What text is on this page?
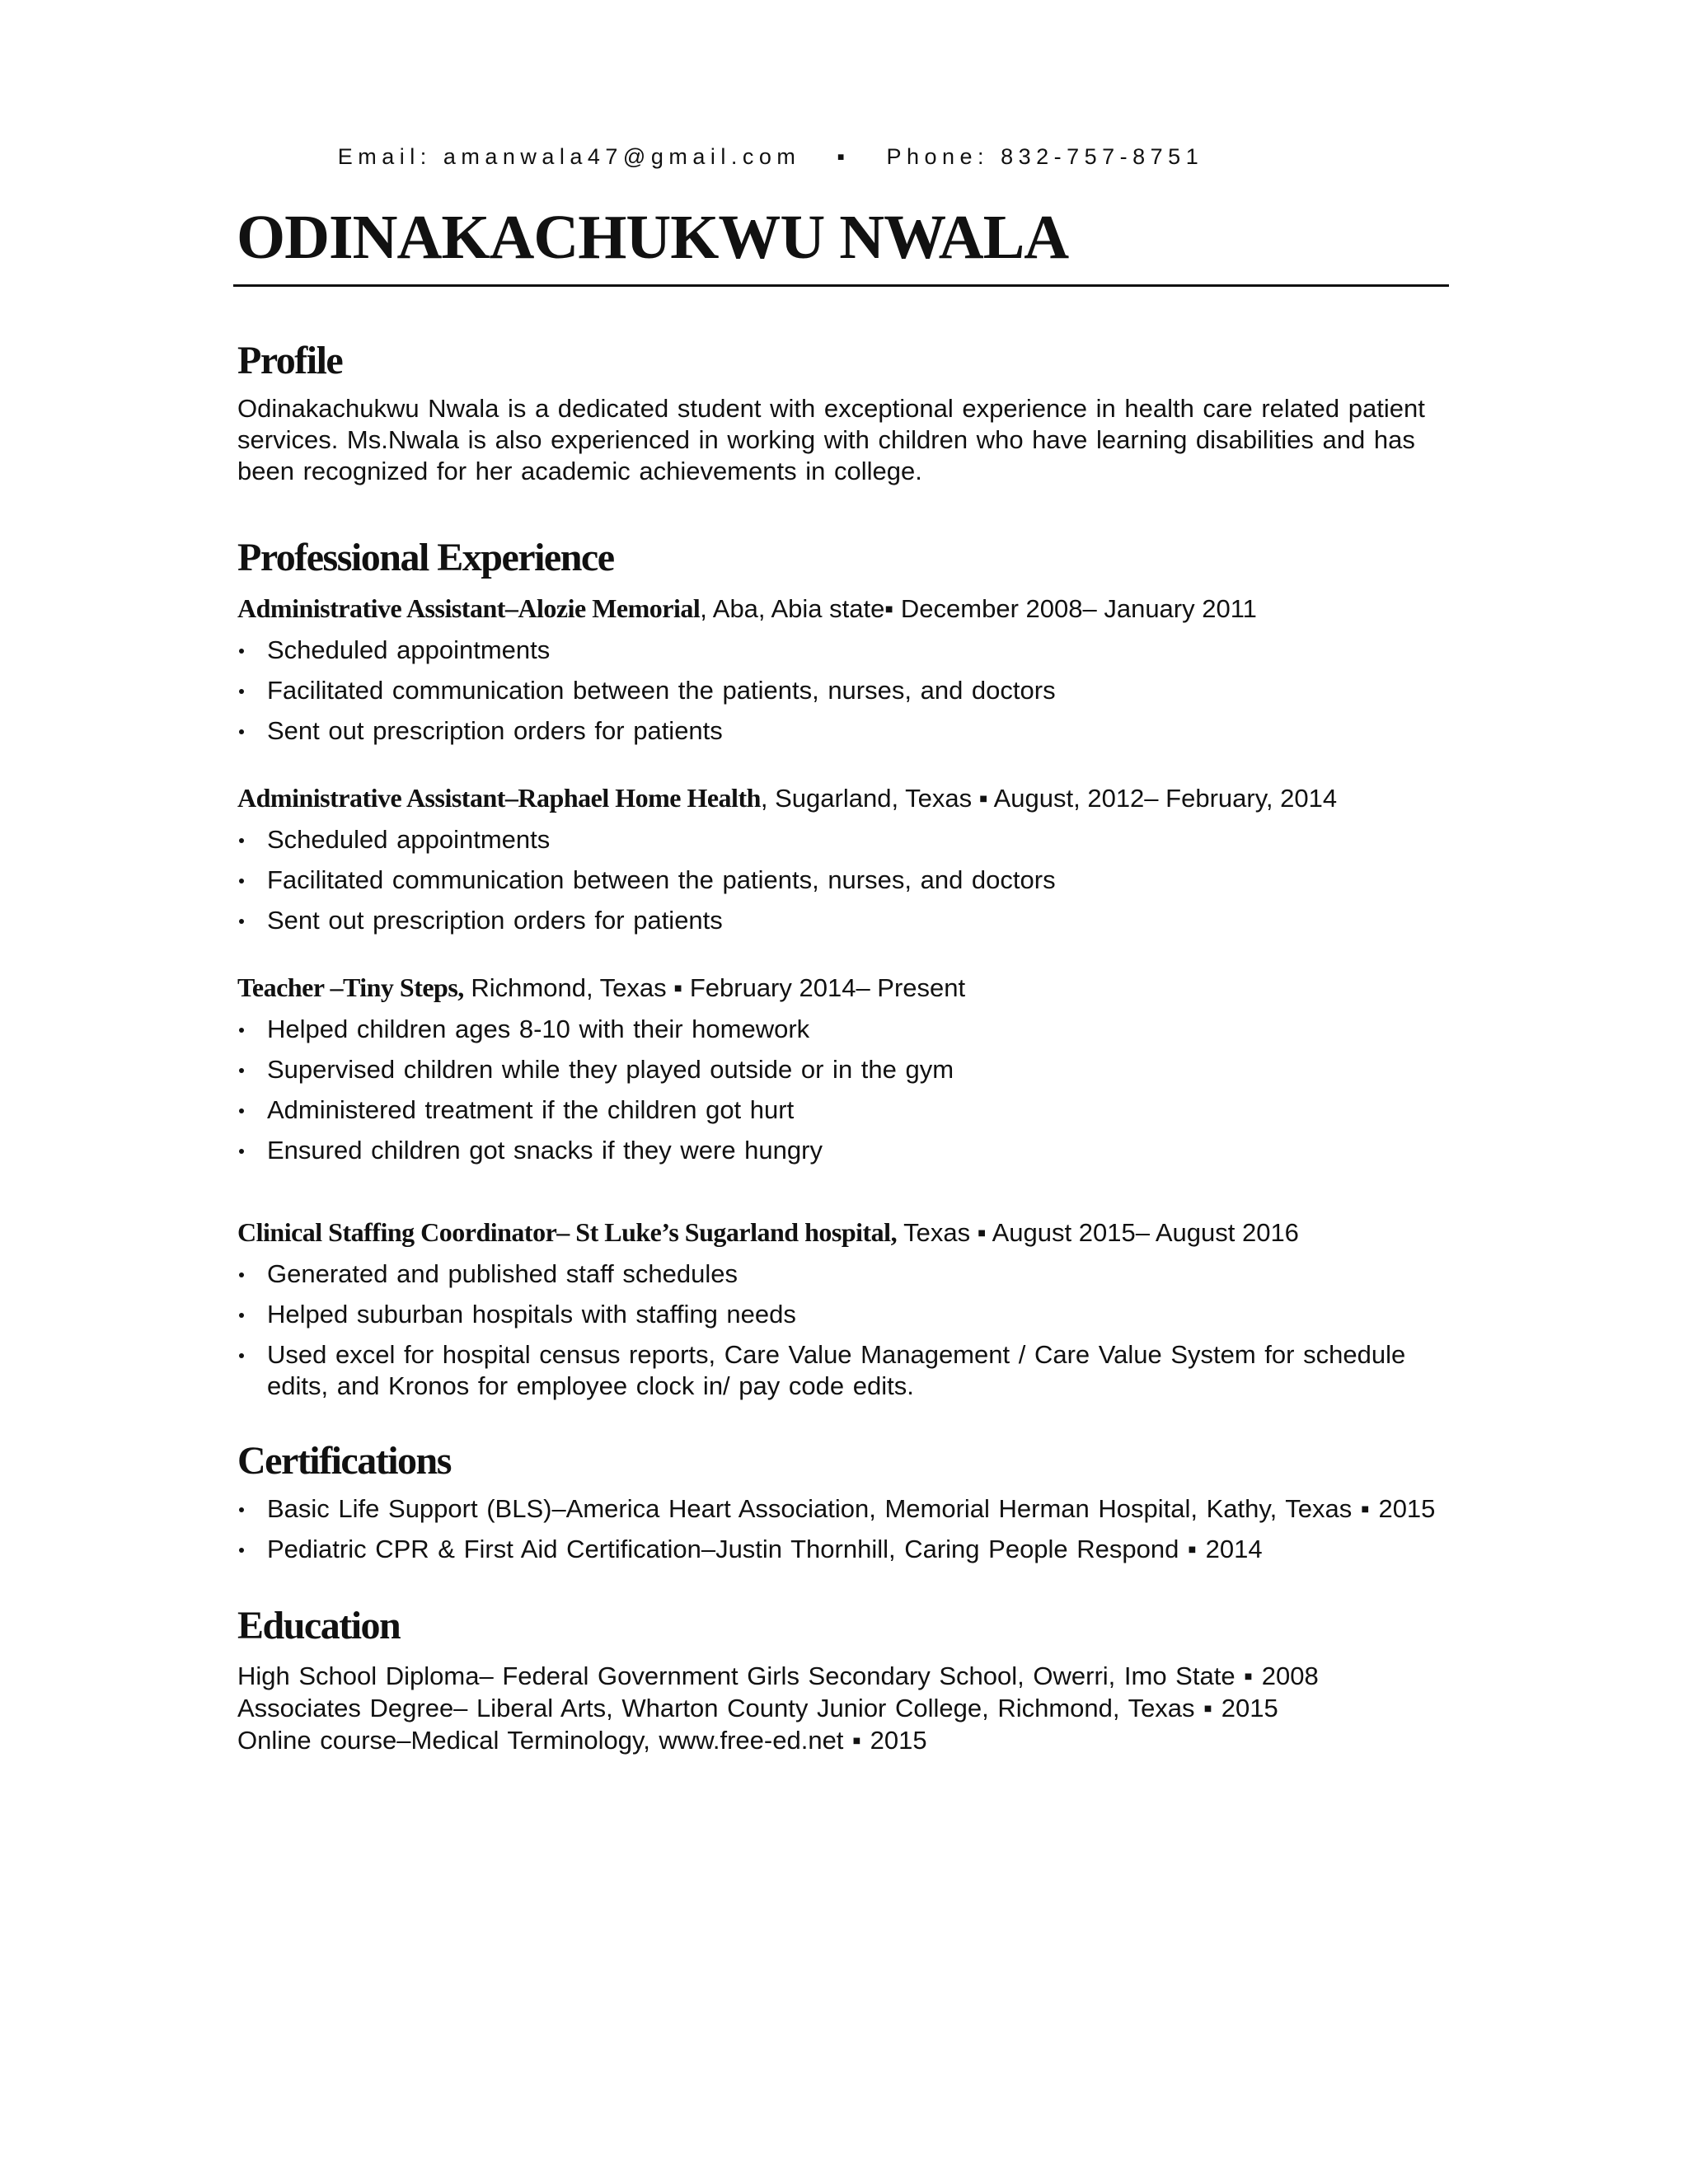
Email: amanwala47@gmail.com ▪ Phone: 832-757-8751
ODINAKACHUKWU NWALA
Profile

Odinakachukwu Nwala is a dedicated student with exceptional experience in health care related patient services. Ms.Nwala is also experienced in working with children who have learning disabilities and has been recognized for her academic achievements in college.

Professional Experience

Administrative Assistant–Alozie Memorial, Aba, Abia state▪ December 2008– January 2011

Scheduled appointments
Facilitated communication between the patients, nurses, and doctors
Sent out prescription orders for patients

Administrative Assistant–Raphael Home Health, Sugarland, Texas ▪ August, 2012– February, 2014

Scheduled appointments
Facilitated communication between the patients, nurses, and doctors
Sent out prescription orders for patients

Teacher –Tiny Steps, Richmond, Texas ▪ February 2014– Present

Helped children ages 8-10 with their homework
Supervised children while they played outside or in the gym
Administered treatment if the children got hurt
Ensured children got snacks if they were hungry

Clinical Staffing Coordinator– St Luke’s Sugarland hospital, Texas ▪ August 2015– August 2016

Generated and published staff schedules
Helped suburban hospitals with staffing needs
Used excel for hospital census reports, Care Value Management / Care Value System for schedule edits, and Kronos for employee clock in/ pay code edits.
Certifications
Basic Life Support (BLS)–America Heart Association, Memorial Herman Hospital, Kathy, Texas ▪ 2015
Pediatric CPR & First Aid Certification–Justin Thornhill, Caring People Respond ▪ 2014
Education

High School Diploma– Federal Government Girls Secondary School, Owerri, Imo State ▪ 2008

Associates Degree– Liberal Arts, Wharton County Junior College, Richmond, Texas ▪ 2015

Online course–Medical Terminology, www.free-ed.net ▪ 2015
